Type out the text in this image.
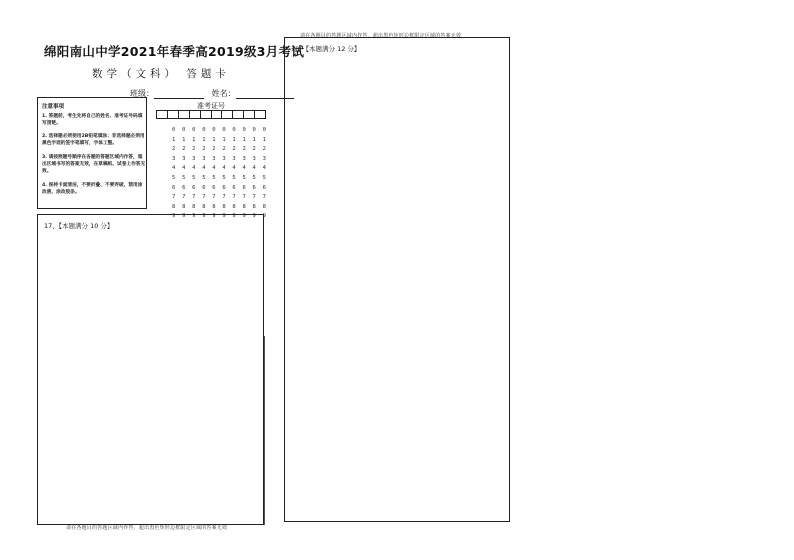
请在各题目的答题区域内作答，超出黑色矩形边框限定区域的答案无效
绵阳南山中学2021年春季高2019级3月考试
数学（文科） 答题卡
班级：	姓名：
注意事项
1. 答题前，考生先将自己的姓名、准考证号码填写清楚。
2. 选择题必须使用2B铅笔填涂；非选择题必须用黑色字迹的签字笔填写，字体工整。
3. 请按照题号顺序在各题的答题区域内作答，超出区域书写的答案无效，在草稿纸、试卷上作答无效。
4. 保持卡面清洁，不要折叠、不要弄破，禁用涂改液、涂改胶条。
准考证号
0 0 0 0 0 0 0 0 0 0
1 1 1 1 1 1 1 1 1 1
2 2 2 2 2 2 2 2 2 2
3 3 3 3 3 3 3 3 3 3
4 4 4 4 4 4 4 4 4 4
5 5 5 5 5 5 5 5 5 5
6 6 6 6 6 6 6 6 6 6
7 7 7 7 7 7 7 7 7 7
8 8 8 8 8 8 8 8 8 8
9 9 9 9 9 9 9 9 9 9
17、【本题满分 10 分】
18、【本题满分 12 分】
请在各题目的答题区域内作答，超出黑色矩形边框限定区域的答案无效
